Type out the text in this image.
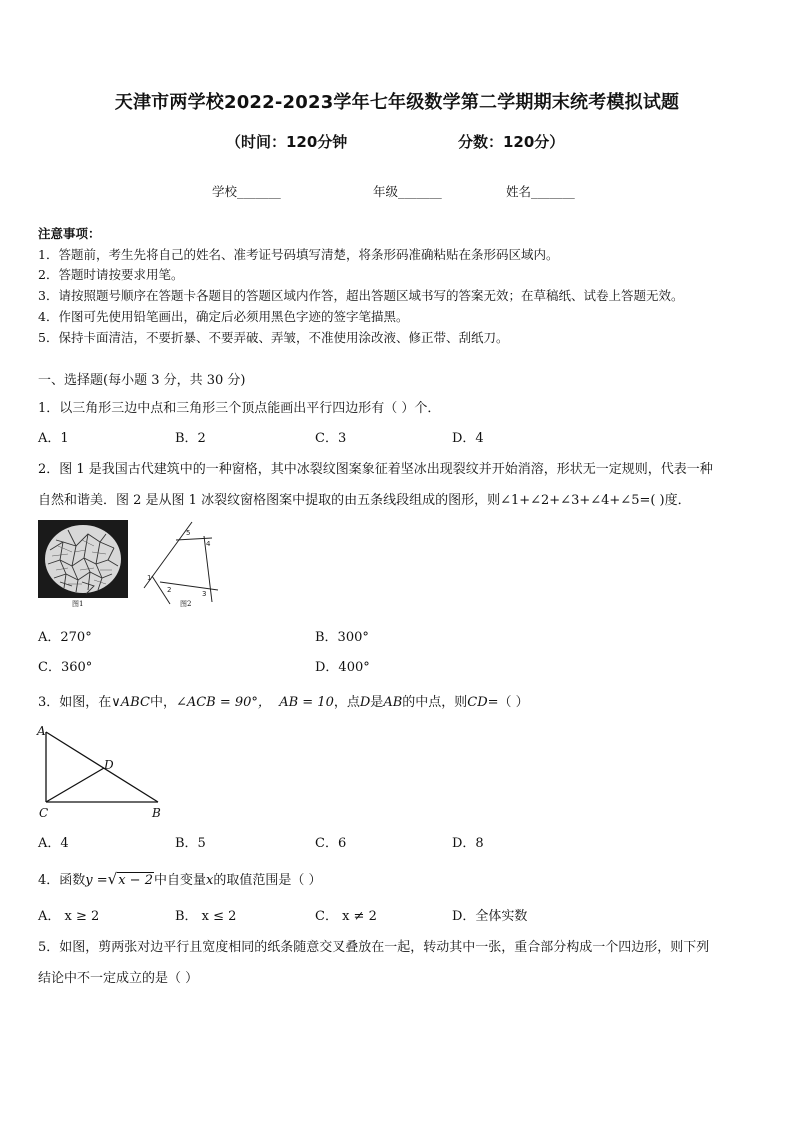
天津市两学校2022-2023学年七年级数学第二学期期末统考模拟试题
（时间：120分钟	分数：120分）
学校_______	年级_______	姓名_______
注意事项：
1．答题前，考生先将自己的姓名、准考证号码填写清楚，将条形码准确粘贴在条形码区域内。
2．答题时请按要求用笔。
3．请按照题号顺序在答题卡各题目的答题区域内作答，超出答题区域书写的答案无效；在草稿纸、试卷上答题无效。
4．作图可先使用铅笔画出，确定后必须用黑色字迹的签字笔描黑。
5．保持卡面清洁，不要折暴、不要弄破、弄皱，不准使用涂改液、修正带、刮纸刀。
一、选择题(每小题 3 分，共 30 分)
1．以三角形三边中点和三角形三个顶点能画出平行四边形有（ ）个．
A．1	B．2	C．3	D．4
2．图 1 是我国古代建筑中的一种窗格，其中冰裂纹图案象征着坚冰出现裂纹并开始消溶，形状无一定规则，代表一种
自然和谐美．图 2 是从图 1 冰裂纹窗格图案中提取的由五条线段组成的图形，则∠1+∠2+∠3+∠4+∠5=( )度．
图1
1
2	3
4
5
图2
A．270°	B．300°
C．360°	D．400°
3．如图，在∨ABC中，∠ACB = 90°， AB = 10，点D是AB的中点，则CD=（ ）
A
D
C	B
A．4	B．5	C．6	D．8
4．函数y =√x − 2中自变量x的取值范围是（ ）
A． x ≥ 2	B． x ≤ 2	C． x ≠ 2	D．全体实数
5．如图，剪两张对边平行且宽度相同的纸条随意交叉叠放在一起，转动其中一张，重合部分构成一个四边形，则下列
结论中不一定成立的是（ ）
